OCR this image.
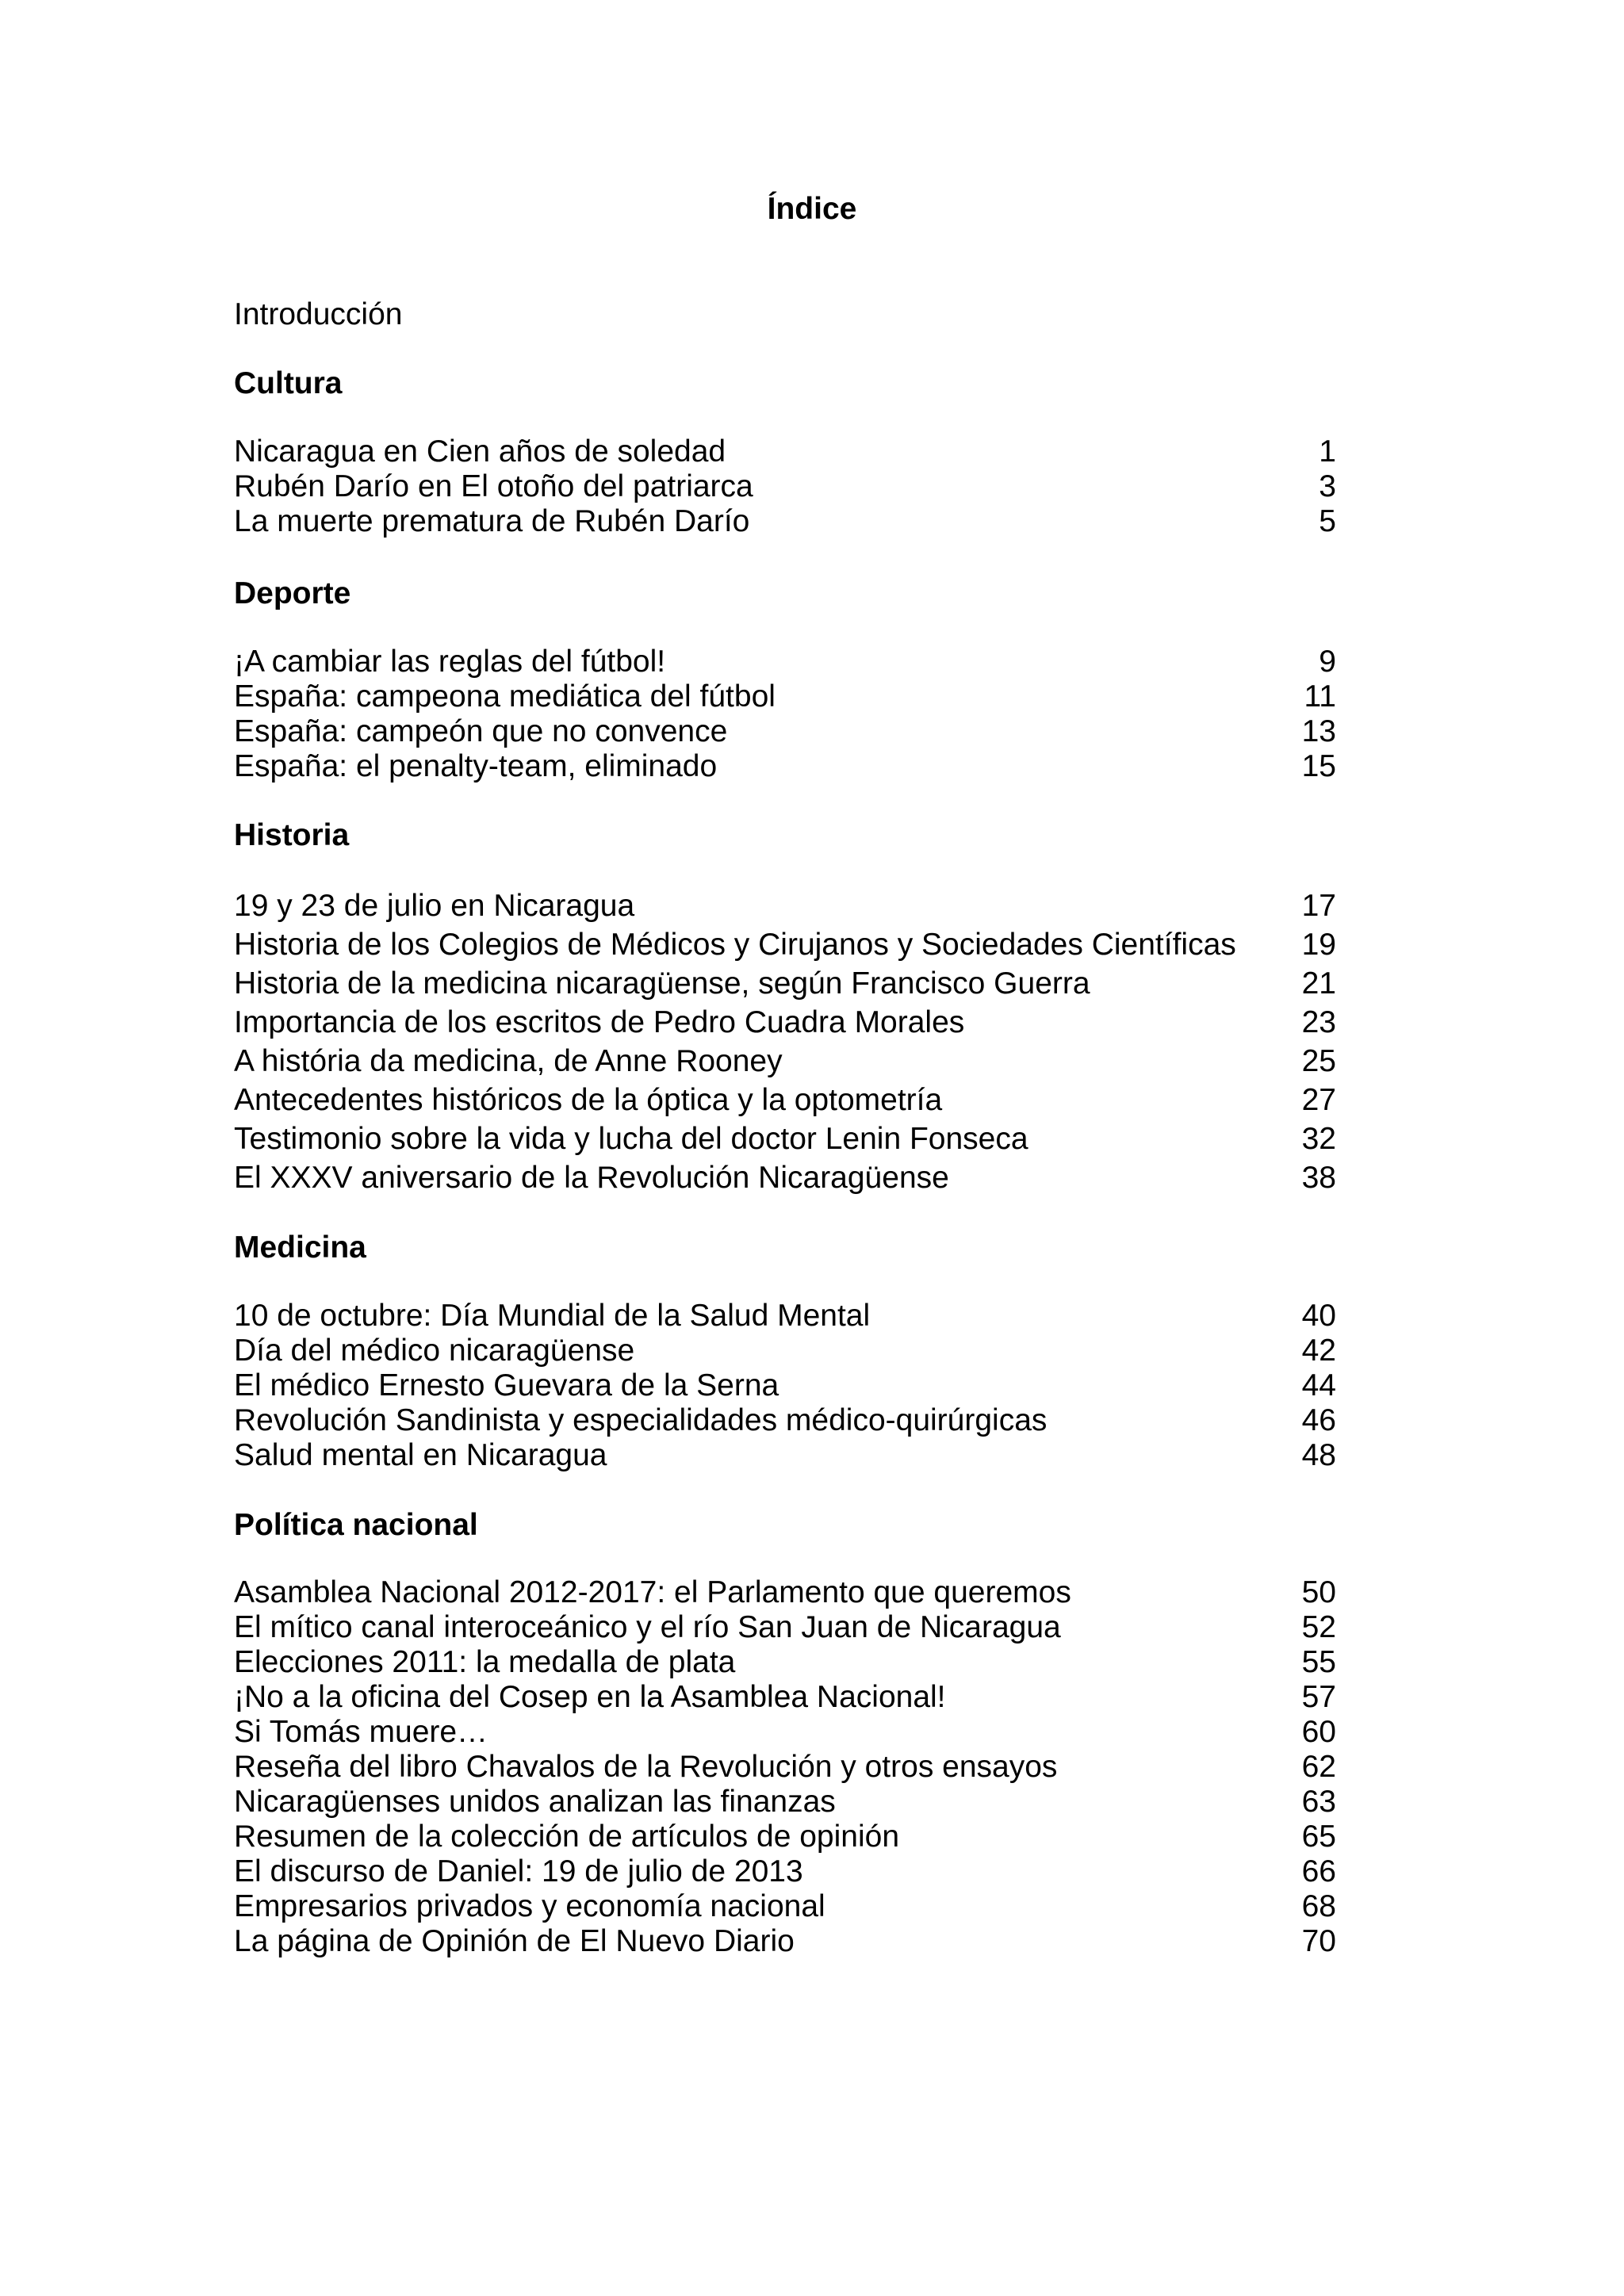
Índice
Introducción
Cultura
Nicaragua en Cien años de soledad	1
Rubén Darío en El otoño del patriarca	3
La muerte prematura de Rubén Darío	5
Deporte
¡A cambiar las reglas del fútbol!	9
España: campeona mediática del fútbol	11
España: campeón que no convence	13
España: el penalty-team, eliminado	15
Historia
19 y 23 de julio en Nicaragua	17
Historia de los Colegios de Médicos y Cirujanos y Sociedades Científicas 19
Historia de la medicina nicaragüense, según Francisco Guerra	21
Importancia de los escritos de Pedro Cuadra Morales	23
A história da medicina, de Anne Rooney	25
Antecedentes históricos de la óptica y la optometría	27
Testimonio sobre la vida y lucha del doctor Lenin Fonseca	32
El XXXV aniversario de la Revolución Nicaragüense	38
Medicina
10 de octubre: Día Mundial de la Salud Mental	40
Día del médico nicaragüense	42
El médico Ernesto Guevara de la Serna	44
Revolución Sandinista y especialidades médico-quirúrgicas	46
Salud mental en Nicaragua	48
Política nacional
Asamblea Nacional 2012-2017: el Parlamento que queremos	50
El mítico canal interoceánico y el río San Juan de Nicaragua	52
Elecciones 2011: la medalla de plata	55
¡No a la oficina del Cosep en la Asamblea Nacional!	57
Si Tomás muere…	60
Reseña del libro Chavalos de la Revolución y otros ensayos	62
Nicaragüenses unidos analizan las finanzas	63
Resumen de la colección de artículos de opinión	65
El discurso de Daniel: 19 de julio de 2013	66
Empresarios privados y economía nacional	68
La página de Opinión de El Nuevo Diario	70
